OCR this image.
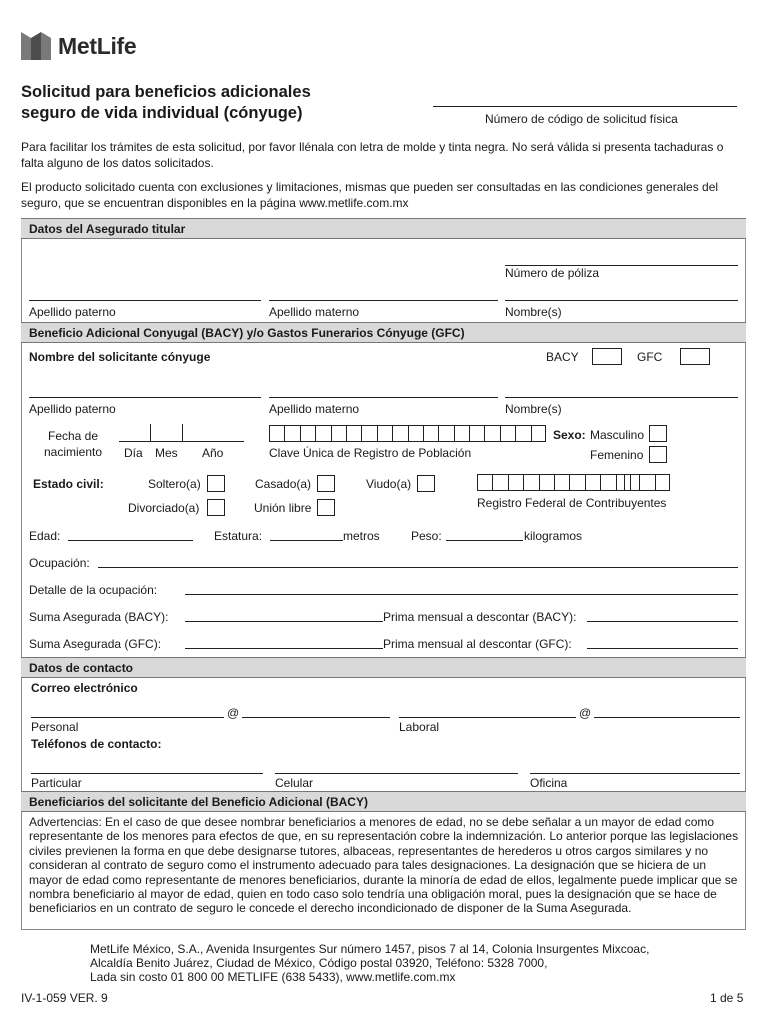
MetLife
Solicitud para beneficios adicionales
seguro de vida individual (cónyuge)	Número de código de solicitud física
Para facilitar los trámites de esta solicitud, por favor llénala con letra de molde y tinta negra. No será válida si presenta tachaduras o falta alguno de los datos solicitados.
El producto solicitado cuenta con exclusiones y limitaciones, mismas que pueden ser consultadas en las condiciones generales del seguro, que se encuentran disponibles en la página www.metlife.com.mx
Datos del Asegurado titular
Número de póliza
Apellido paterno	Apellido materno	Nombre(s)
Beneficio Adicional Conyugal (BACY) y/o Gastos Funerarios Cónyuge (GFC)
Nombre del solicitante cónyuge	BACY	GFC
Apellido paterno	Apellido materno	Nombre(s)
Fecha de
nacimiento Día Mes Año	Clave Única de Registro de Población
Sexo: Masculino
Femenino
Estado civil:	Soltero(a)	Casado(a)	Viudo(a)
Divorciado(a)	Unión libre	Registro Federal de Contribuyentes
Edad:	Estatura:	metros	Peso:	kilogramos
Ocupación:
Detalle de la ocupación:
Suma Asegurada (BACY):	Prima mensual a descontar (BACY):
Suma Asegurada (GFC):	Prima mensual al descontar (GFC):
Datos de contacto
Correo electrónico
@
Personal
@
Laboral
Teléfonos de contacto:
Particular	Celular	Oficina
Beneficiarios del solicitante del Beneficio Adicional (BACY)
Advertencias: En el caso de que desee nombrar beneficiarios a menores de edad, no se debe señalar a un mayor de edad como representante de los menores para efectos de que, en su representación cobre la indemnización. Lo anterior porque las legislaciones civiles previenen la forma en que debe designarse tutores, albaceas, representantes de herederos u otros cargos similares y no consideran al contrato de seguro como el instrumento adecuado para tales designaciones. La designación que se hiciera de un mayor de edad como representante de menores beneficiarios, durante la minoría de edad de ellos, legalmente puede implicar que se nombra beneficiario al mayor de edad, quien en todo caso solo tendría una obligación moral, pues la designación que se hace de beneficiarios en un contrato de seguro le concede el derecho incondicionado de disponer de la Suma Asegurada.
MetLife México, S.A., Avenida Insurgentes Sur número 1457, pisos 7 al 14, Colonia Insurgentes Mixcoac,
Alcaldía Benito Juárez, Ciudad de México, Código postal 03920, Teléfono: 5328 7000,
Lada sin costo 01 800 00 METLIFE (638 5433), www.metlife.com.mx
IV-1-059 VER. 9	1 de 5
